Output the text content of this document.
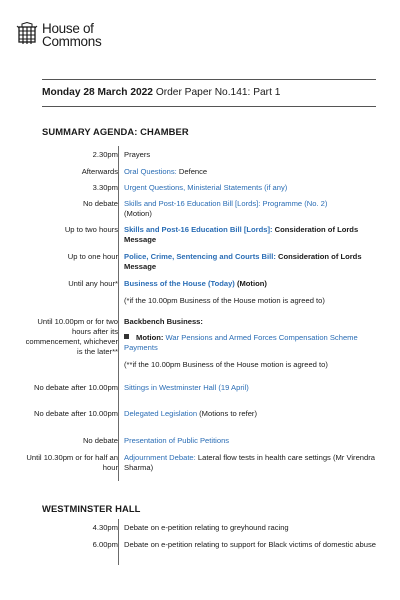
House of
Commons
Monday 28 March 2022 Order Paper No.141: Part 1
SUMMARY AGENDA: CHAMBER
2.30pm Prayers
Afterwards Oral Questions: Defence
3.30pm Urgent Questions, Ministerial Statements (if any)
No debate Skills and Post-16 Education Bill [Lords]: Programme (No. 2)
(Motion)
Up to two hours Skills and Post-16 Education Bill [Lords]: Consideration of Lords Message
Up to one hour Police, Crime, Sentencing and Courts Bill: Consideration of Lords Message
Until any hour* Business of the House (Today) (Motion)
(*if the 10.00pm Business of the House motion is agreed to)
Until 10.00pm or for two hours after its commencement, whichever is the later**
Backbench Business:
Motion: War Pensions and Armed Forces Compensation Scheme Payments
(**if the 10.00pm Business of the House motion is agreed to)
No debate after 10.00pm Sittings in Westminster Hall (19 April)
No debate after 10.00pm Delegated Legislation (Motions to refer)
No debate Presentation of Public Petitions
Until 10.30pm or for half an hour
Adjournment Debate: Lateral flow tests in health care settings (Mr Virendra Sharma)
WESTMINSTER HALL
4.30pm Debate on e-petition relating to greyhound racing
6.00pm Debate on e-petition relating to support for Black victims of domestic abuse
